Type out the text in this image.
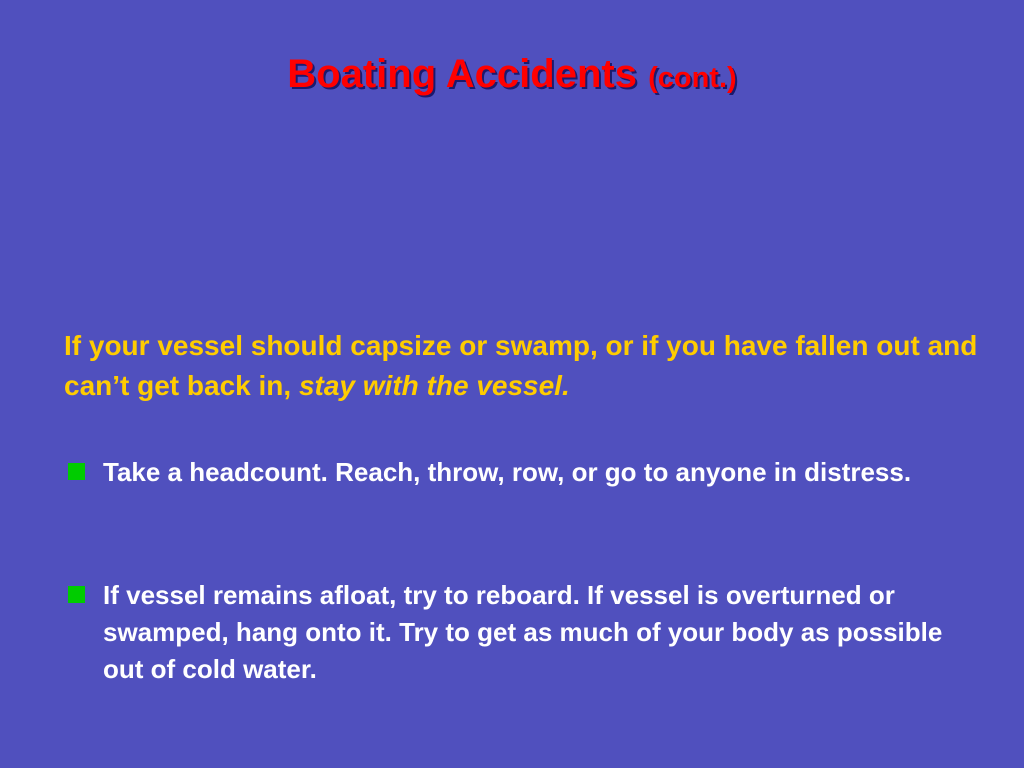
Boating Accidents (cont.)
If your vessel should capsize or swamp, or if you have fallen out and can’t get back in, stay with the vessel.
Take a headcount. Reach, throw, row, or go to anyone in distress.
If vessel remains afloat, try to reboard. If vessel is overturned or swamped, hang onto it. Try to get as much of your body as possible out of cold water.
